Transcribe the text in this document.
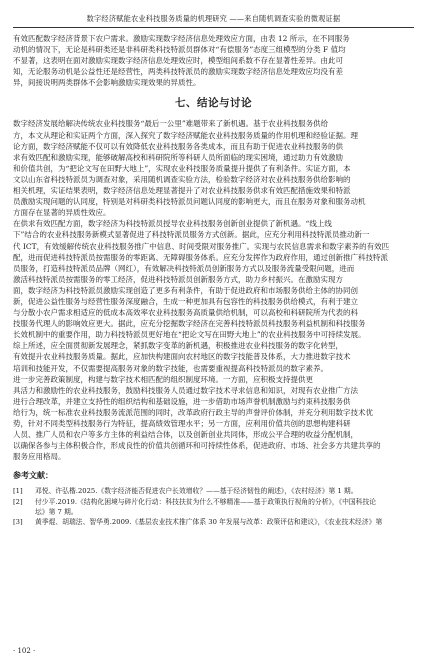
数字经济赋能农业科技服务质量的机理研究 ——来自随机调查实验的微观证据

有效匹配数字经济背景下农户需求。激励实现数字经济信息处理效应方面，由表 12 所示，在不同服务
动机的情况下，无论是科研类还是非科研类科技特派员群体对“有偿服务”态度三组模型的分类 F 值均
不显著，这表明在面对激励实现数字经济信息处理效应时，模型组间系数不存在显著性差异。由此可
知，无论服务动机是公益性还是经营性，两类科技特派员的激励实现数字经济信息处理效应均没有差
异，间接说明两类群体不会影响激励实现效果的异质性。

七、结论与讨论

数字经济发展给解决传统农业科技服务“最后一公里”难题带来了新机遇。基于农业科技服务供给
方，本文从理论和实证两个方面，深入探究了数字经济赋能农业科技服务质量的作用机理和经验证据。理
论方面，数字经济赋能不仅可以有效降低农业科技服务各类成本，而且有助于促进农业科技服务的供
求有效匹配和激励实现，能够破解高校和科研院所等科研人员所面临的现实困境，通过助力有效激励
和价值共创，为“把论文写在田野大地上”，实现农业科技服务质量提升提供了有利条件。实证方面，本
文以山东省科技特派员为调查对象，采用随机调查实验方法，检验数字经济对农业科技服务供给影响的
相关机理，实证结果表明，数字经济信息处理显著提升了对农业科技服务供求有效匹配措施效果和特派
员激励实现问题的认同度，特别是对科研类科技特派员问题认同度的影响更大，而且在服务对象和服务动机
方面存在显著的异质性效应。

在供求有效匹配方面，数字经济为科技特派员授导农业科技服务创新创业提供了新机遇。“线上线
下”结合的农业科技服务新模式显著促进了科技特派员服务方式创新。据此，应充分利用科技特派员推动新一
代 ICT，有效缓解传统农业科技服务推广中信息、时间受限对服务推广。实现与农民信息需求和数字素养的有效匹
配，进而促进科技特派员按需服务的零距离、无障碍服务体系。应充分发挥作为政府作用，通过创新推广科技特派
员服务，打造科技特派员品牌（网红），有效解决科技特派员创新服务方式以及服务流量受限问题，进而
激活科技特派员按需服务的零工经济，促进科技特派员创新服务方式，助力乡村振兴。在激励实现方
面，数字经济为科技特派员激励实现创造了更多有利条件，有助于促进政府和市场服务供给主体的协同创
新，促进公益性服务与经营性服务深度融合，生成一种更加具有包容性的科技服务供给模式，有利于建立
与分散小农户需求相适应的低成本高效率农业科技服务高质量供给机制，可以高校和科研院所为代表的科
技服务代理人的影响效应更大。据此，应充分挖掘数字经济在完善科技特派员科技服务利益机制和科技服务
长效机制中的重要作用，助力科技特派员更好地在“把论文写在田野大地上”的农业科技服务中可持续发展。

综上所述，应全面贯彻新发展理念，紧抓数字变革的新机遇，积极推进农业科技服务的数字化转型，
有效提升农业科技服务质量。据此，应加快构建面向农村地区的数字技能普及体系，大力推进数字技术
培训和技能开发，不仅需要提高服务对象的数字技能，也需要重视提高科技特派员的数字素养。
进一步完善政策制度，构建与数字技术相匹配的组织制度环境。一方面，应积极支持提供更
具活力和激励性的农业科技服务，鼓励科技服务人员通过数字技术寻求信息和知识，对现有农业推广方法
进行合理改革，并建立支持性的组织结构和基础设施，进一步借助市场声誉机制激励与约束科技服务供
给行为，统一标准农业科技服务流派范围的同时，改革政府行政主导的声誉评价体制，并充分利用数字技术优
势，针对不同类型科技服务行为特征，提高绩效管理水平；另一方面，应利用价值共创的思想构建科研
人员、推广人员和农户等多方主体的利益结合体，以及创新创业共同体，形成公平合理的收益分配机制，
以确保各参与主体积极合作，形成良性的价值共创循环和可持续性体系，促进政府、市场、社会多方共建共享的
服务应用格局。

参考文献：
[1] 邓悦、许弘楷.2025.《数字经济能否促进农户长效增收？——基于经济韧性的阐述》，《农村经济》第 1 期。
[2] 付少平.2019.《结构化困境与碎片化行动：科技扶贫为什么不够精准——基于政策执行视角的分析》，《中国科技论
坛》第 7 期。
[3] 黄季焜、胡瑞法、智华勇.2009.《基层农业技术推广体系 30 年发展与改革：政策评估和建议》，《农业技术经济》第
· 102 ·
